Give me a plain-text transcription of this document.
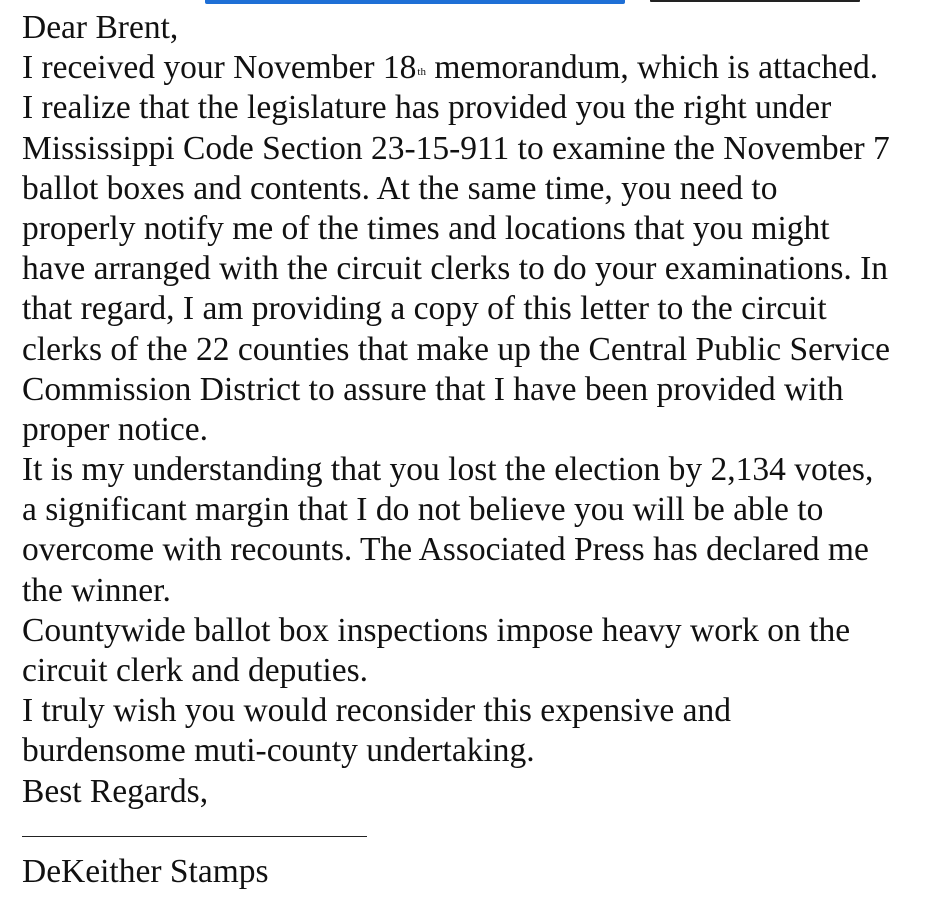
Dear Brent,
I received your November 18th memorandum, which is attached.
I realize that the legislature has provided you the right under
Mississippi Code Section 23-15-911 to examine the November 7
ballot boxes and contents. At the same time, you need to
properly notify me of the times and locations that you might
have arranged with the circuit clerks to do your examinations. In
that regard, I am providing a copy of this letter to the circuit
clerks of the 22 counties that make up the Central Public Service
Commission District to assure that I have been provided with
proper notice.
It is my understanding that you lost the election by 2,134 votes,
a significant margin that I do not believe you will be able to
overcome with recounts. The Associated Press has declared me
the winner.
Countywide ballot box inspections impose heavy work on the
circuit clerk and deputies.
I truly wish you would reconsider this expensive and
burdensome muti-county undertaking.
Best Regards,
DeKeither Stamps
